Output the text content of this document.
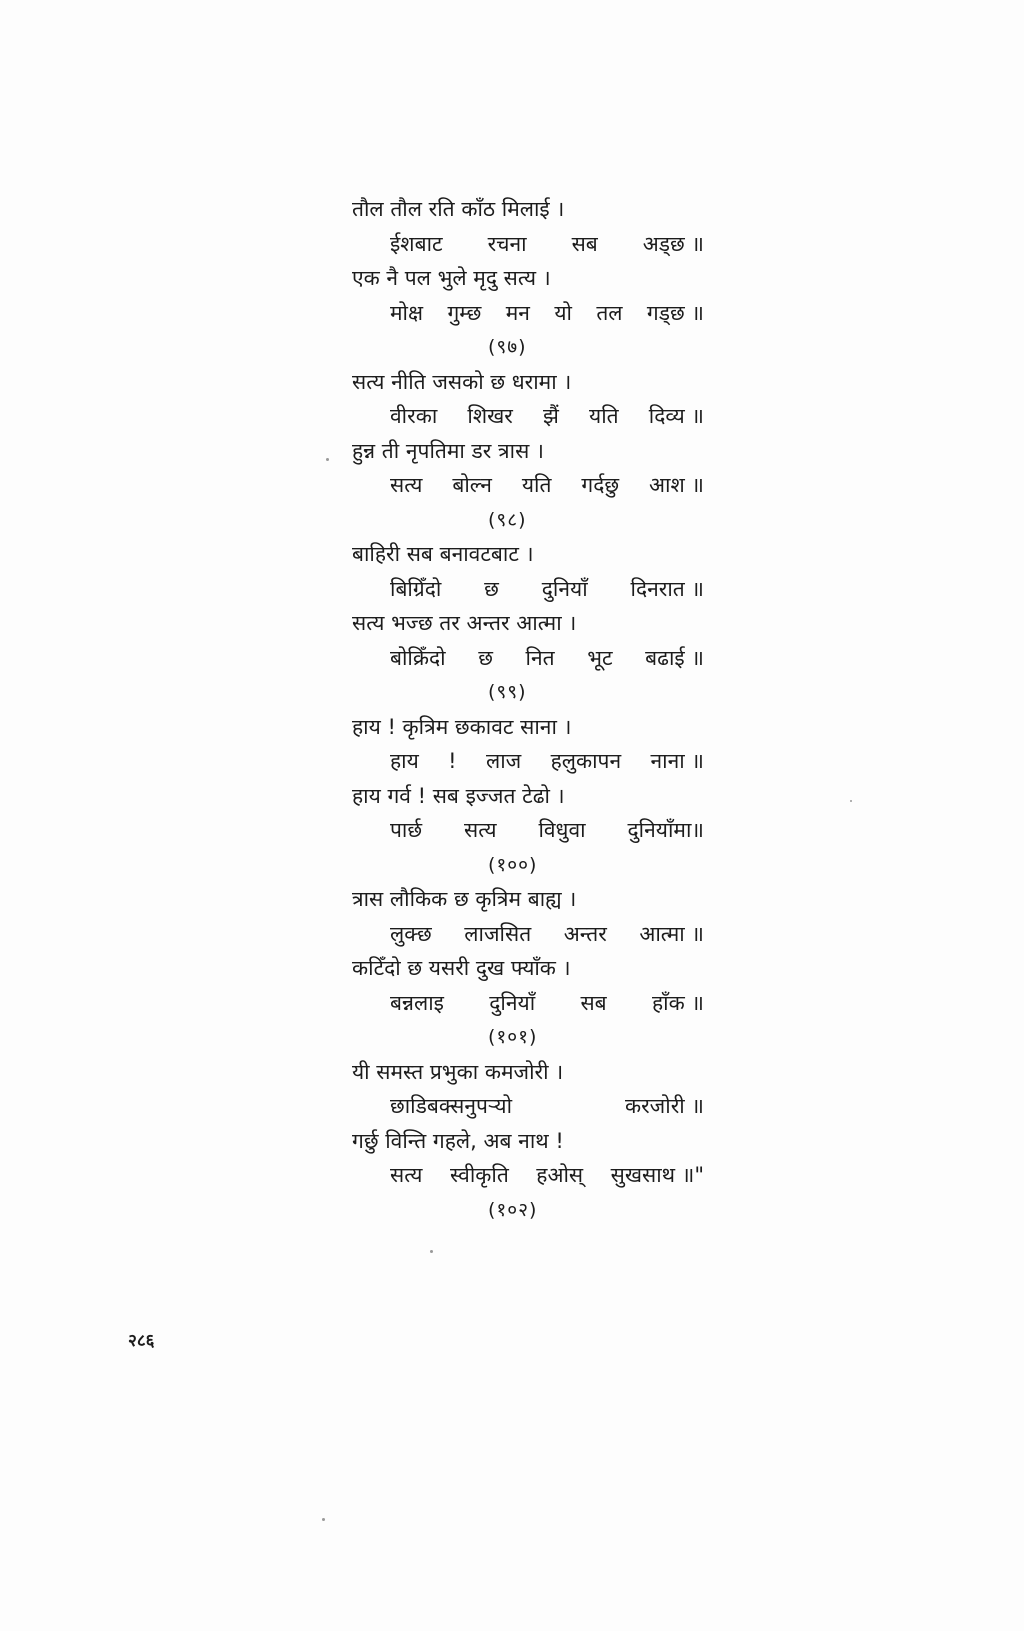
तौल तौल रति काँठ मिलाई ।
ईशबाट रचना सब अड्छ ॥
एक नै पल भुले मृदु सत्य ।
मोक्ष गुम्छ मन यो तल गड्छ ॥
(९७)
सत्य नीति जसको छ धरामा ।
वीरका शिखर झैं यति दिव्य ॥
हुन्न ती नृपतिमा डर त्रास ।
सत्य बोल्न यति गर्दछु आश ॥
(९८)
बाहिरी सब बनावटबाट ।
बिग्रिँदो छ दुनियाँ दिनरात ॥
सत्य भज्छ तर अन्तर आत्मा ।
बोक्रिँदो छ नित भूट बढाई ॥
(९९)
हाय ! कृत्रिम छकावट साना ।
हाय ! लाज हलुकापन नाना ॥
हाय गर्व ! सब इज्जत टेढो ।
पार्छ सत्य विधुवा दुनियाँमा॥
(१००)
त्रास लौकिक छ कृत्रिम बाह्य ।
लुक्छ लाजसित अन्तर आत्मा ॥
कटिँदो छ यसरी दुख फ्याँक ।
बन्नलाइ दुनियाँ सब हाँक ॥
(१०१)
यी समस्त प्रभुका कमजोरी ।
छाडिबक्सनुपर्‍यो	करजोरी ॥
गर्छु विन्ति गहले, अब नाथ !
सत्य स्वीकृति हओस् सुखसाथ ॥"
(१०२)
२८६
